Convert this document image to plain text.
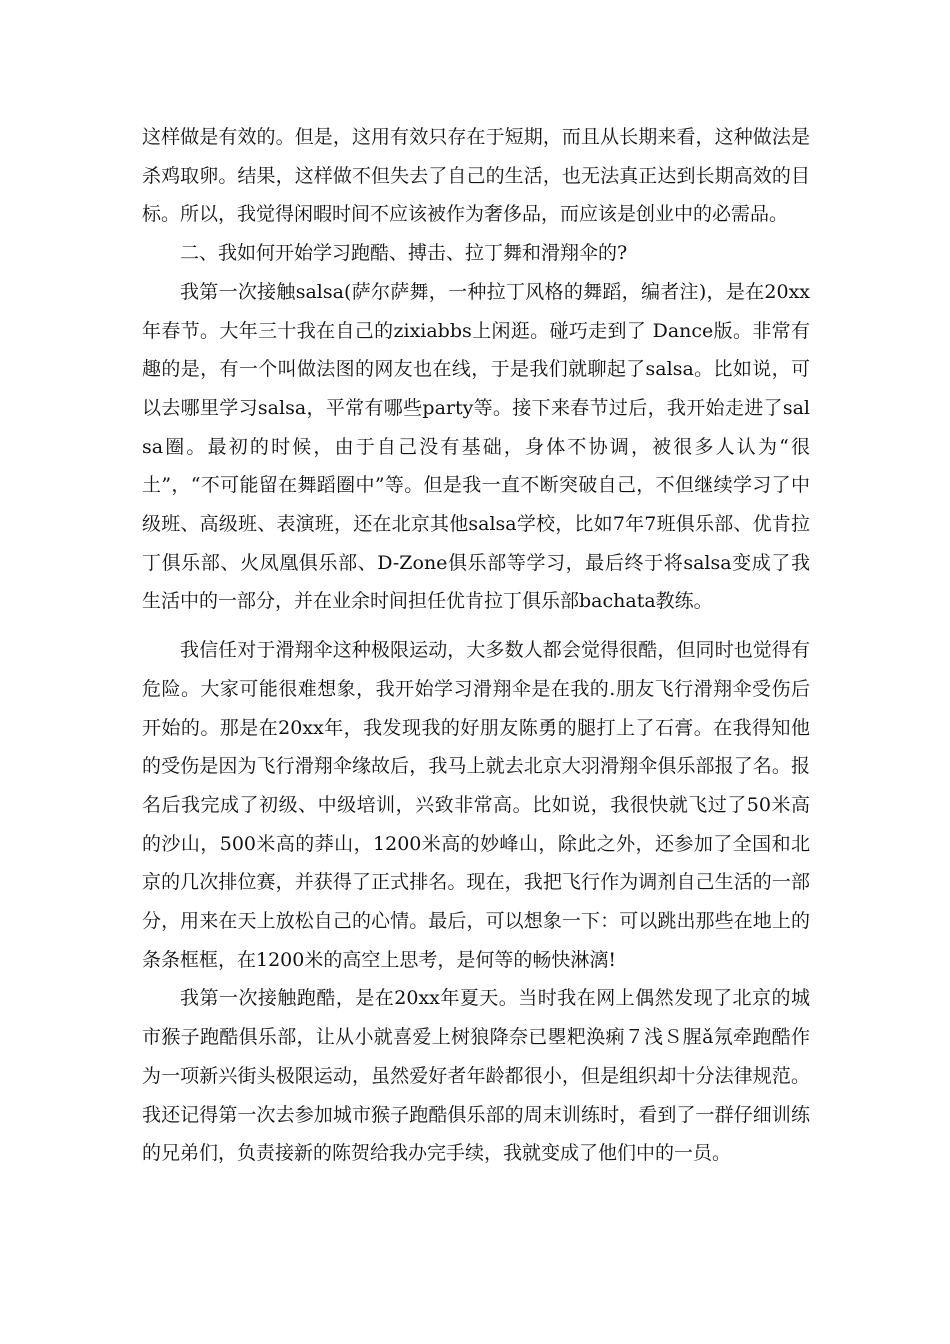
这样做是有效的。但是，这用有效只存在于短期，而且从长期来看，这种做法是杀鸡取卵。结果，这样做不但失去了自己的生活，也无法真正达到长期高效的目标。所以，我觉得闲暇时间不应该被作为奢侈品，而应该是创业中的必需品。

二、我如何开始学习跑酷、搏击、拉丁舞和滑翔伞的?

我第一次接触salsa(萨尔萨舞，一种拉丁风格的舞蹈，编者注)，是在20xx年春节。大年三十我在自己的zixiabbs上闲逛。碰巧走到了 Dance版。非常有趣的是，有一个叫做法图的网友也在线，于是我们就聊起了salsa。比如说，可以去哪里学习salsa，平常有哪些party等。接下来春节过后，我开始走进了salsa圈。最初的时候，由于自己没有基础，身体不协调，被很多人认为“很土”，“不可能留在舞蹈圈中”等。但是我一直不断突破自己，不但继续学习了中级班、高级班、表演班，还在北京其他salsa学校，比如7年7班俱乐部、优肯拉丁俱乐部、火凤凰俱乐部、D-Zone俱乐部等学习，最后终于将salsa变成了我生活中的一部分，并在业余时间担任优肯拉丁俱乐部bachata教练。

我信任对于滑翔伞这种极限运动，大多数人都会觉得很酷，但同时也觉得有危险。大家可能很难想象，我开始学习滑翔伞是在我的.朋友飞行滑翔伞受伤后开始的。那是在20xx年，我发现我的好朋友陈勇的腿打上了石膏。在我得知他的受伤是因为飞行滑翔伞缘故后，我马上就去北京大羽滑翔伞俱乐部报了名。报名后我完成了初级、中级培训，兴致非常高。比如说，我很快就飞过了50米高的沙山，500米高的莽山，1200米高的妙峰山，除此之外，还参加了全国和北京的几次排位赛，并获得了正式排名。现在，我把飞行作为调剂自己生活的一部分，用来在天上放松自己的心情。最后，可以想象一下：可以跳出那些在地上的条条框框，在1200米的高空上思考，是何等的畅快淋漓!

我第一次接触跑酷，是在20xx年夏天。当时我在网上偶然发现了北京的城市猴子跑酷俱乐部，让从小就喜爱上树狼降奈已瞾粑涣痢７浅Ｓ腥ǎ氖牵跑酷作为一项新兴街头极限运动，虽然爱好者年龄都很小，但是组织却十分法律规范。我还记得第一次去参加城市猴子跑酷俱乐部的周末训练时，看到了一群仔细训练的兄弟们，负责接新的陈贺给我办完手续，我就变成了他们中的一员。
